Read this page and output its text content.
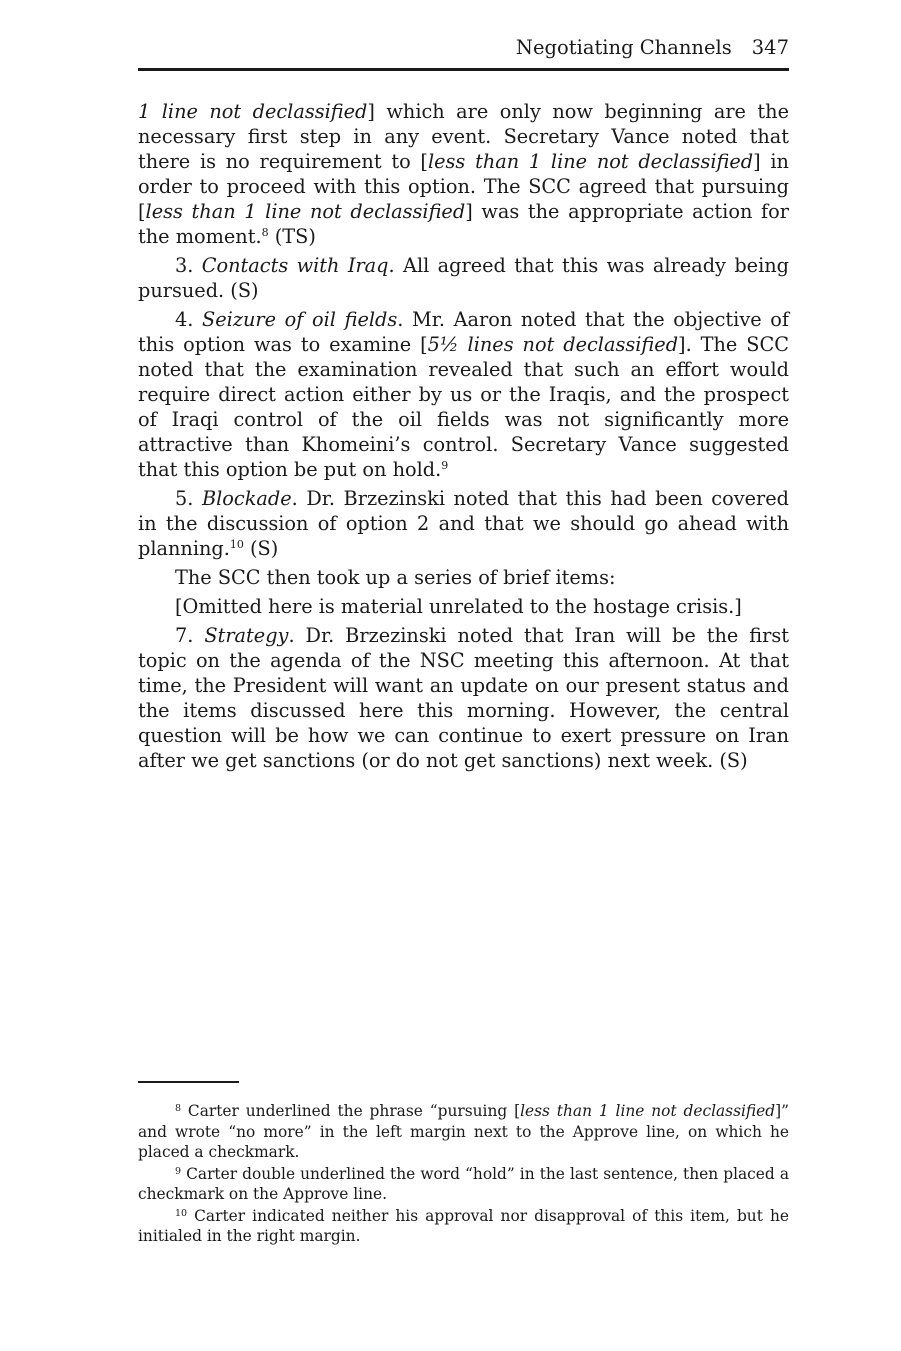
Negotiating Channels 347

1 line not declassified] which are only now beginning are the necessary first step in any event. Secretary Vance noted that there is no requirement to [less than 1 line not declassified] in order to proceed with this option. The SCC agreed that pursuing [less than 1 line not declassified] was the appropriate action for the moment.$^8$ (TS)

3. Contacts with Iraq. All agreed that this was already being pursued. (S)

4. Seizure of oil fields. Mr. Aaron noted that the objective of this option was to examine [5½ lines not declassified]. The SCC noted that the examination revealed that such an effort would require direct action either by us or the Iraqis, and the prospect of Iraqi control of the oil fields was not significantly more attractive than Khomeini’s control. Secretary Vance suggested that this option be put on hold.$^9$

5. Blockade. Dr. Brzezinski noted that this had been covered in the discussion of option 2 and that we should go ahead with planning.$^{10}$ (S)

The SCC then took up a series of brief items:

[Omitted here is material unrelated to the hostage crisis.]

7. Strategy. Dr. Brzezinski noted that Iran will be the first topic on the agenda of the NSC meeting this afternoon. At that time, the President will want an update on our present status and the items discussed here this morning. However, the central question will be how we can continue to exert pressure on Iran after we get sanctions (or do not get sanctions) next week. (S)

$^8$ Carter underlined the phrase “pursuing [less than 1 line not declassified]” and wrote “no more” in the left margin next to the Approve line, on which he placed a checkmark.

$^9$ Carter double underlined the word “hold” in the last sentence, then placed a checkmark on the Approve line.

$^{10}$ Carter indicated neither his approval nor disapproval of this item, but he initialed in the right margin.
